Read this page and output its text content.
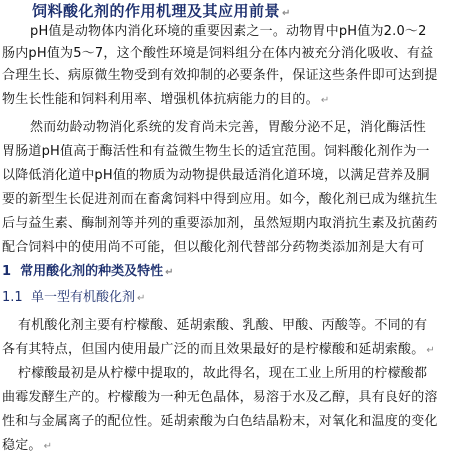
饲料酸化剂的作用机理及其应用前景 ↵
pH值是动物体内消化环境的重要因素之一。动物胃中pH值为2.0～2
肠内pH值为5～7，这个酸性环境是饲料组分在体内被充分消化吸收、有益
合理生长、病原微生物受到有效抑制的必要条件，保证这些条件即可达到提
物生长性能和饲料利用率、增强机体抗病能力的目的。 ↵
然而幼龄动物消化系统的发育尚未完善，胃酸分泌不足，消化酶活性
胃肠道pH值高于酶活性和有益微生物生长的适宜范围。饲料酸化剂作为一
以降低消化道中pH值的物质为动物提供最适消化道环境，以满足营养及胴
要的新型生长促进剂而在畜禽饲料中得到应用。如今，酸化剂已成为继抗生
后与益生素、酶制剂等并列的重要添加剂，虽然短期内取消抗生素及抗菌药
配合饲料中的使用尚不可能，但以酸化剂代替部分药物类添加剂是大有可
1 常用酸化剂的种类及特性 ↵
1.1 单一型有机酸化剂 ↵
有机酸化剂主要有柠檬酸、延胡索酸、乳酸、甲酸、丙酸等。不同的有
各有其特点，但国内使用最广泛的而且效果最好的是柠檬酸和延胡索酸。 ↵
柠檬酸最初是从柠檬中提取的，故此得名，现在工业上所用的柠檬酸都
曲霉发酵生产的。柠檬酸为一种无色晶体，易溶于水及乙醇，具有良好的溶
性和与金属离子的配位性。延胡索酸为白色结晶粉末，对氧化和温度的变化
稳定。 ↵
